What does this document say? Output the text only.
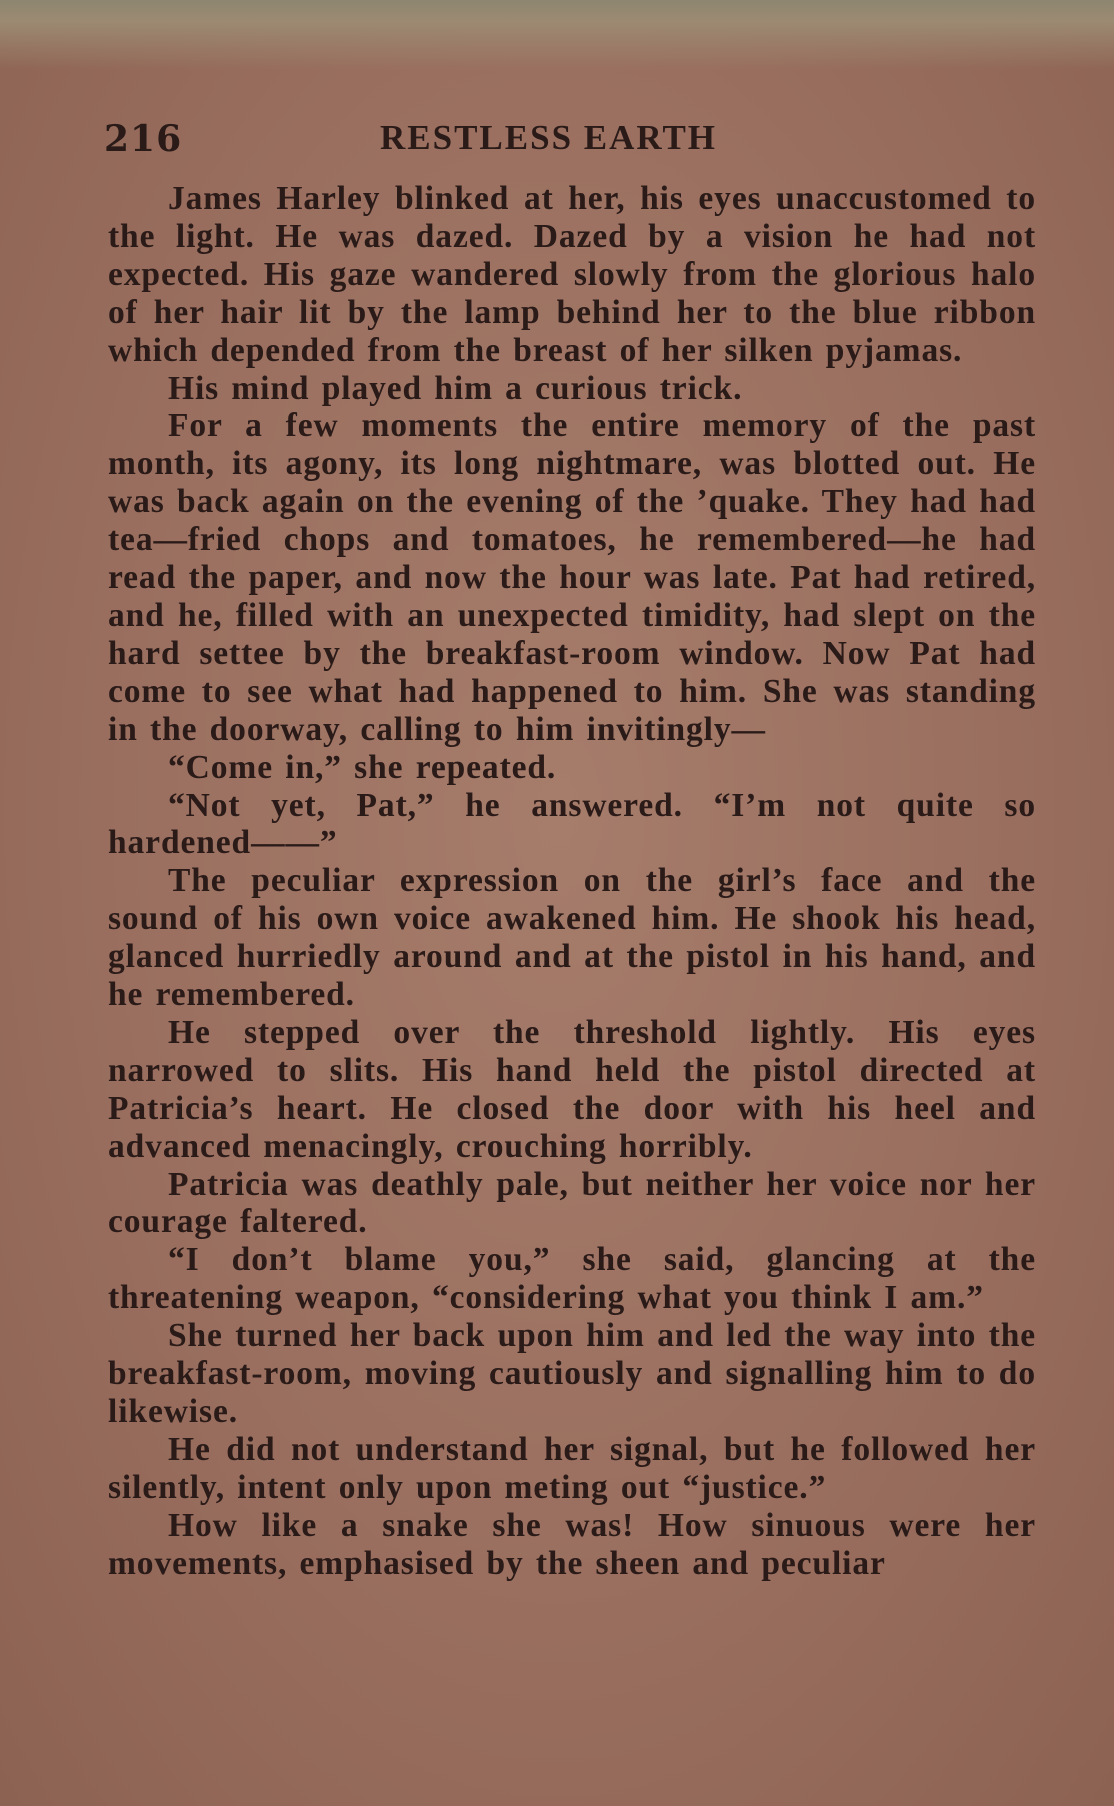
216	RESTLESS EARTH

James Harley blinked at her, his eyes unaccustomed to the light. He was dazed. Dazed by a vision he had not expected. His gaze wandered slowly from the glorious halo of her hair lit by the lamp behind her to the blue ribbon which depended from the breast of her silken pyjamas.

His mind played him a curious trick.

For a few moments the entire memory of the past month, its agony, its long nightmare, was blotted out. He was back again on the evening of the ’quake. They had had tea—fried chops and tomatoes, he remembered—he had read the paper, and now the hour was late. Pat had retired, and he, filled with an unexpected timidity, had slept on the hard settee by the breakfast-room window. Now Pat had come to see what had happened to him. She was standing in the doorway, calling to him invitingly—

“Come in,” she repeated.

“Not yet, Pat,” he answered. “I’m not quite so hardened——”

The peculiar expression on the girl’s face and the sound of his own voice awakened him. He shook his head, glanced hurriedly around and at the pistol in his hand, and he remembered.

He stepped over the threshold lightly. His eyes narrowed to slits. His hand held the pistol directed at Patricia’s heart. He closed the door with his heel and advanced menacingly, crouching horribly.

Patricia was deathly pale, but neither her voice nor her courage faltered.

“I don’t blame you,” she said, glancing at the threatening weapon, “considering what you think I am.”

She turned her back upon him and led the way into the breakfast-room, moving cautiously and signalling him to do likewise.

He did not understand her signal, but he followed her silently, intent only upon meting out “justice.”

How like a snake she was! How sinuous were her movements, emphasised by the sheen and peculiar
